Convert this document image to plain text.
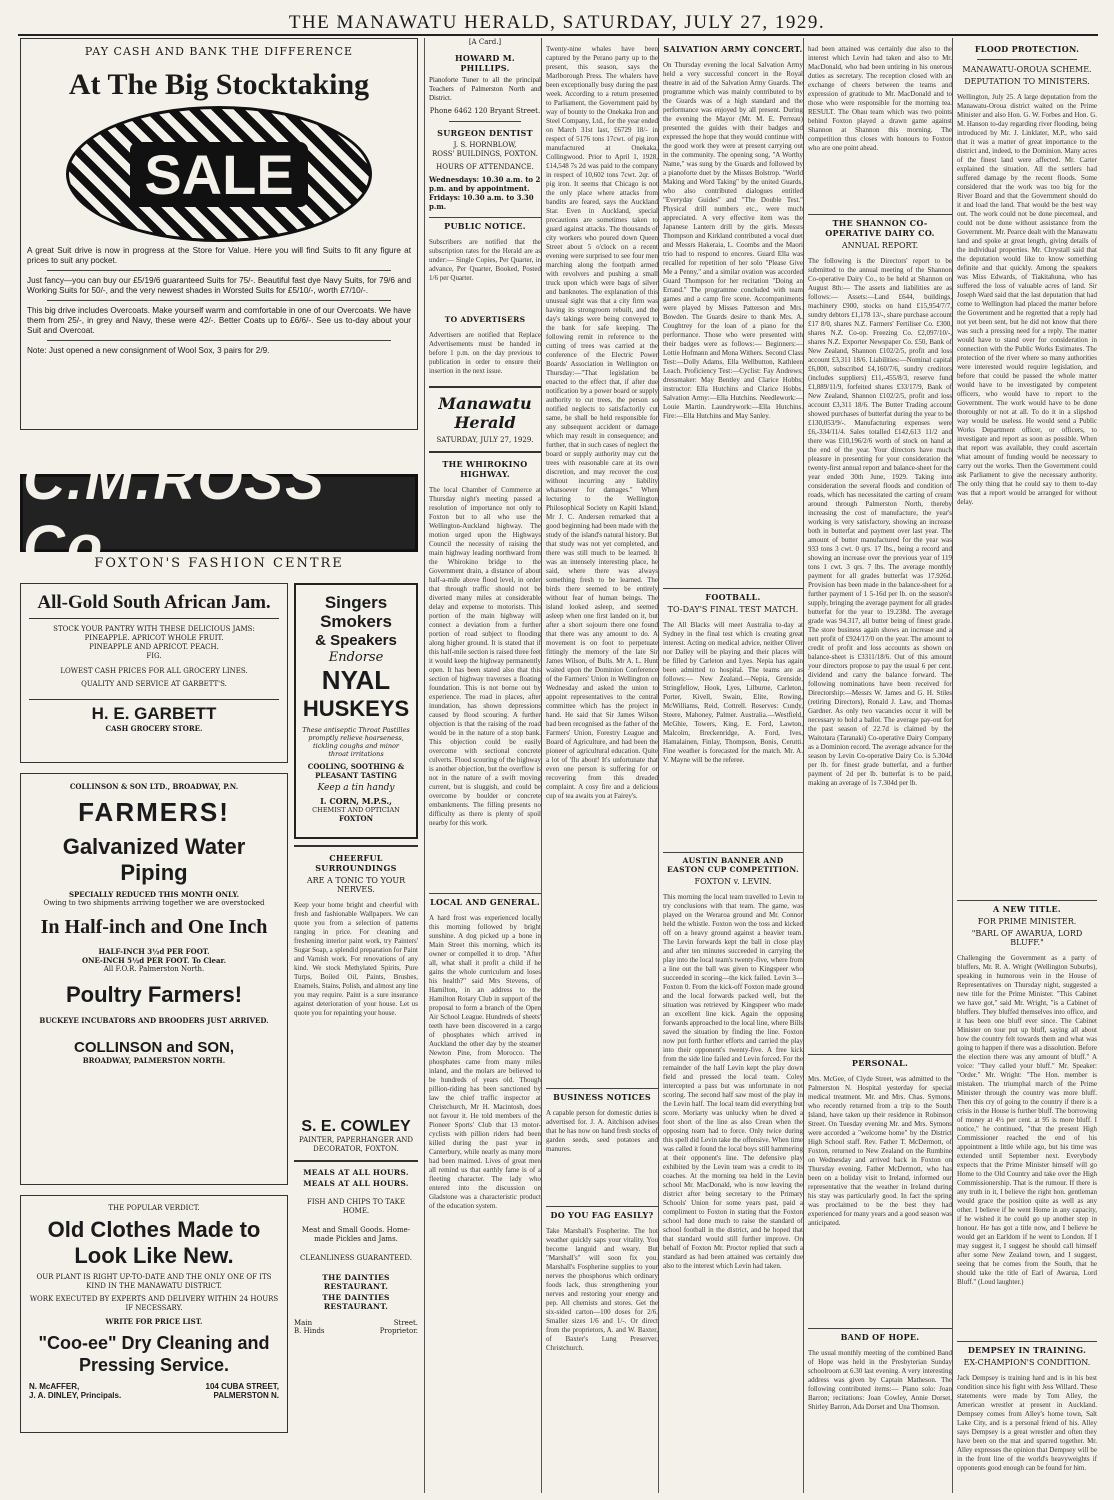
THE MANAWATU HERALD, SATURDAY, JULY 27, 1929.
PAY CASH AND BANK THE DIFFERENCE
At The Big Stocktaking
SALE

A great Suit drive is now in progress at the Store for Value. Here you will find Suits to fit any figure at prices to suit any pocket.

Just fancy—you can buy our £5/19/6 guaranteed Suits for 75/-. Beautiful fast dye Navy Suits, for 79/6 and Working Suits for 50/-, and the very newest shades in Worsted Suits for £5/10/-, worth £7/10/-.

This big drive includes Overcoats. Make yourself warm and comfortable in one of our Overcoats. We have them from 25/-, in grey and Navy, these were 42/-. Better Coats up to £6/6/-. See us to-day about your Suit and Overcoat.

Note: Just opened a new consignment of Wool Sox, 3 pairs for 2/9.

C.M.ROSS Co
FOXTON'S FASHION CENTRE
All-Gold South African Jam.
STOCK YOUR PANTRY WITH THESE DELICIOUS JAMS:
PINEAPPLE. APRICOT WHOLE FRUIT.
PINEAPPLE AND APRICOT. PEACH.
FIG.
LOWEST CASH PRICES FOR ALL GROCERY LINES.
QUALITY AND SERVICE AT GARBETT'S.
H. E. GARBETT
CASH GROCERY STORE.
COLLINSON & SON LTD., BROADWAY, P.N.
FARMERS!
Galvanized Water Piping
SPECIALLY REDUCED THIS MONTH ONLY.
Owing to two shipments arriving together we are overstocked
In Half-inch and One Inch
HALF-INCH 3½d PER FOOT.
ONE-INCH 5½d PER FOOT. To Clear.
All F.O.R. Palmerston North.
Poultry Farmers!
BUCKEYE INCUBATORS AND BROODERS JUST ARRIVED.
COLLINSON and SON,
BROADWAY, PALMERSTON NORTH.
THE POPULAR VERDICT.
Old Clothes Made to Look Like New.
OUR PLANT IS RIGHT UP-TO-DATE AND THE ONLY ONE OF ITS KIND IN THE MANAWATU DISTRICT.
WORK EXECUTED BY EXPERTS AND DELIVERY WITHIN 24 HOURS IF NECESSARY.
WRITE FOR PRICE LIST.
"Coo-ee" Dry Cleaning and Pressing Service.
N. McAFFER,
J. A. DINLEY, Principals.
104 CUBA STREET,
PALMERSTON N.
Singers
Smokers
& Speakers
Endorse
NYAL
HUSKEYS
These antiseptic Throat Pastilles promptly relieve hoarseness, tickling coughs and minor throat irritations
COOLING, SOOTHING & PLEASANT TASTING
Keep a tin handy
I. CORN, M.P.S.,
CHEMIST AND OPTICIAN
FOXTON
CHEERFUL SURROUNDINGS
ARE A TONIC TO YOUR NERVES.

Keep your home bright and cheerful with fresh and fashionable Wallpapers. We can quote you from a selection of patterns ranging in price. For cleaning and freshening interior paint work, try Painters' Sugar Soap, a splendid preparation for Paint and Varnish work. For renovations of any kind. We stock Methylated Spirits, Pure Turps, Boiled Oil, Paints, Brushes, Enamels, Stains, Polish, and almost any line you may require. Paint is a sure insurance against deterioration of your house. Let us quote you for repainting your house.

S. E. COWLEY
PAINTER, PAPERHANGER AND DECORATOR, FOXTON.
MEALS AT ALL HOURS.
MEALS AT ALL HOURS.
FISH AND CHIPS TO TAKE HOME.
Meat and Small Goods. Home-made Pickles and Jams.
CLEANLINESS GUARANTEED.
THE DAINTIES RESTAURANT.
THE DAINTIES RESTAURANT.
Main
B. Hinds
Street.
Proprietor.
[A Card.]
HOWARD M. PHILLIPS.

Pianoforte Tuner to all the principal Teachers of Palmerston North and District.

Phone 6462 120 Bryant Street.
SURGEON DENTIST
J. S. HORNBLOW,
ROSS' BUILDINGS, FOXTON.
HOURS OF ATTENDANCE.
Wednesdays: 10.30 a.m. to 2 p.m. and by appointment.
Fridays: 10.30 a.m. to 3.30 p.m.
PUBLIC NOTICE.

Subscribers are notified that the subscription rates for the Herald are as under:— Single Copies, Per Quarter, in advance, Per Quarter, Booked, Posted 1/6 per Quarter.

TO ADVERTISERS

Advertisers are notified that Replace Advertisements must be handed in before 1 p.m. on the day previous to publication in order to ensure their insertion in the next issue.

Manawatu Herald
SATURDAY, JULY 27, 1929.
THE WHIROKINO HIGHWAY.

The local Chamber of Commerce at Thursday night's meeting passed a resolution of importance not only to Foxton but to all who use the Wellington-Auckland highway. The motion urged upon the Highways Council the necessity of raising the main highway leading northward from the Whirokino bridge to the Government drain, a distance of about half-a-mile above flood level, in order that through traffic should not be diverted many miles at considerable delay and expense to motorists. This portion of the main highway will connect a deviation from a further portion of road subject to flooding along higher ground. It is stated that if this half-mile section is raised three feet it would keep the highway permanently open. It has been stated also that this section of highway traverses a floating foundation. This is not borne out by experience. The road in places, after inundation, has shown depressions caused by flood scouring. A further objection is that the raising of the road would be in the nature of a stop bank. This objection could be easily overcome with sectional concrete culverts. Flood scouring of the highway is another objection, but the overflow is not in the nature of a swift moving current, but is sluggish, and could be overcome by boulder or concrete embankments. The filling presents no difficulty as there is plenty of spoil nearby for this work.

LOCAL AND GENERAL.

A hard frost was experienced locally this morning followed by bright sunshine. A dog picked up a bone in Main Street this morning, which its owner or compelled it to drop. "After all, what shall it profit a child if he gains the whole curriculum and loses his health?" said Mrs Stevens, of Hamilton, in an address to the Hamilton Rotary Club in support of the proposal to form a branch of the Open Air School League. Hundreds of sheets' teeth have been discovered in a cargo of phosphates which arrived in Auckland the other day by the steamer Newton Pine, from Morocco. The phosphates came from many miles inland, and the molars are believed to be hundreds of years old. Though pillion-riding has been sanctioned by law the chief traffic inspector at Christchurch, Mr H. Macintosh, does not favour it. He told members of the Pioneer Sports' Club that 13 motor-cyclists with pillion riders had been killed during the past year in Canterbury, while nearly as many more had been maimed. Lives of great men all remind us that earthly fame is of a fleeting character. The lady who entered into the discussion on Gladstone was a characteristic product of the education system.

Twenty-nine whales have been captured by the Perano party up to the present, this season, says the Marlborough Press. The whalers have been exceptionally busy during the past week. According to a return presented to Parliament, the Government paid by way of bounty to the Onekaka Iron and Steel Company, Ltd., for the year ended on March 31st last, £6729 18/- in respect of 5176 tons 17cwt. of pig iron manufactured at Onekaka, Collingwood. Prior to April 1, 1928, £14,548 7s 2d was paid to the company in respect of 10,602 tons 7cwt. 2qr. of pig iron. It seems that Chicago is not the only place where attacks from bandits are feared, says the Auckland Star. Even in Auckland, special precautions are sometimes taken to guard against attacks. The thousands of city workers who poured down Queen Street about 5 o'clock on a recent evening were surprised to see four men marching along the footpath armed with revolvers and pushing a small truck upon which were bags of silver and banknotes. The explanation of this unusual sight was that a city firm was having its strongroom rebuilt, and the day's takings were being conveyed to the bank for safe keeping. The following remit in reference to the cutting of trees was carried at the conference of the Electric Power Boards' Association in Wellington on Thursday:—"That legislation be enacted to the effect that, if after due notification by a power board or supply authority to cut trees, the person so notified neglects to satisfactorily cut same, he shall be held responsible for any subsequent accident or damage which may result in consequence; and further, that in such cases of neglect the board or supply authority may cut the trees with reasonable care at its own discretion, and may recover the cost without incurring any liability whatsoever for damages." When lecturing to the Wellington Philosophical Society on Kapiti Island, Mr J. C. Andersen remarked that a good beginning had been made with the study of the island's natural history. But that study was not yet completed, and there was still much to be learned. It was an intensely interesting place, he said, where there was always something fresh to be learned. The birds there seemed to be entirely without fear of human beings. The island looked asleep, and seemed asleep when one first landed on it, but after a short sojourn there one found that there was any amount to do. A movement is on foot to perpetuate fittingly the memory of the late Sir James Wilson, of Bulls. Mr A. L. Hunt waited upon the Dominion Conference of the Farmers' Union in Wellington on Wednesday and asked the union to appoint representatives to the central committee which has the project in hand. He said that Sir James Wilson had been recognised as the father of the Farmers' Union, Forestry League and Board of Agriculture, and had been the pioneer of agricultural education. Quite a lot of 'flu about! It's unfortunate that even one person is suffering for or recovering from this dreaded complaint. A cosy fire and a delicious cup of tea awaits you at Fairey's.

BUSINESS NOTICES

A capable person for domestic duties is advertised for. J. A. Aitchison advises that he has now on hand fresh stocks of garden seeds, seed potatoes and manures.

DO YOU FAG EASILY?

Take Marshall's Fospherine. The hot weather quickly saps your vitality. You become languid and weary. But "Marshall's" will soon fix you. Marshall's Fospherine supplies to your nerves the phosphorus which ordinary foods lack, thus strengthening your nerves and restoring your energy and pep. All chemists and stores. Get the six-sided carton—100 doses for 2/6. Smaller sizes 1/6 and 1/-. Or direct from the proprietors, A. and W. Baxter, of Baxter's Lung Preserver, Christchurch.

SALVATION ARMY CONCERT.

On Thursday evening the local Salvation Army held a very successful concert in the Royal theatre in aid of the Salvation Army Guards. The programme which was mainly contributed to by the Guards was of a high standard and the performance was enjoyed by all present. During the evening the Mayor (Mr. M. E. Perreau) presented the guides with their badges and expressed the hope that they would continue with the good work they were at present carrying out in the community. The opening song, "A Worthy Name," was sung by the Guards and followed by a pianoforte duet by the Misses Bolstrop. "World Making and Word Taking" by the united Guards, who also contributed dialogues entitled "Everyday Guides" and "The Double Test." Physical drill numbers etc., were much appreciated. A very effective item was the Japanese Lantern drill by the girls. Messrs Thompson and Kirkland contributed a vocal duet and Messrs Hakeraia, L. Coombs and the Maori trio had to respond to encores. Guard Ella was recalled for repetition of her solo "Please Give Me a Penny," and a similar ovation was accorded Guard Thompson for her recitation "Doing an Errand." The programme concluded with team games and a camp fire scene. Accompaniments were played by Misses Patterson and Mrs. Bowden. The Guards desire to thank Mrs. A. Coughtrey for the loan of a piano for the performance. Those who were presented with their badges were as follows:— Beginners:—Lottie Hofmann and Mona Withers. Second Class Test:—Dolly Adams, Ella Wellbutton, Kathleen Leach. Proficiency Test:—Cyclist: Fay Andrews; dressmaker: May Bentley and Clarice Hobbs; instructor: Ella Hutchins and Clarice Hobbs. Salvation Army:—Ella Hutchins. Needlework:—Louie Martin. Laundrywork:—Ella Hutchins. Fire:—Ella Hutchins and May Sanley.

FOOTBALL.
TO-DAY'S FINAL TEST MATCH.

The All Blacks will meet Australia to-day at Sydney in the final test which is creating great interest. Acting on medical advice, neither Oliver nor Dalley will be playing and their places will be filled by Carleton and Lyes. Nepia has again been admitted to hospital. The teams are as follows:— New Zealand.—Nepia, Grenside, Stringfellow, Hook, Lyes, Lilburne, Carleton, Porter, Kivell, Swain, Elite, Rowing, McWilliams, Reid, Cottrell. Reserves: Cundy, Steere, Mahoney, Palmer. Australia.—Westfield, McGhie, Towers, King, E. Ford, Lawton, Malcolm, Breckenridge, A. Ford, Ives, Hamalainen, Finlay, Thompson, Bonis, Cerutti. Fine weather is forecasted for the match. Mr. A. V. Mayne will be the referee.

AUSTIN BANNER AND EASTON CUP COMPETITION.
FOXTON v. LEVIN.

This morning the local team travelled to Levin to try conclusions with that team. The game, was played on the Weraroa ground and Mr. Connor held the whistle. Foxton won the toss and kicked off on a heavy ground against a heavier team. The Levin forwards kept the ball in close play and after ten minutes succeeded in carrying the play into the local team's twenty-five, where from a line out the ball was given to Kingspeer who succeeded in scoring—the kick failed. Levin 3—Foxton 0. From the kick-off Foxton made ground and the local forwards packed well, but the situation was retrieved by Kingspeer who made an excellent line kick. Again the opposing forwards approached to the local line, where Bills saved the situation by finding the line. Foxton now put forth further efforts and carried the play into their opponent's twenty-five. A free kick from the side line failed and Levin forced. For the remainder of the half Levin kept the play down field and pressed the local team. Coley intercepted a pass but was unfortunate in not scoring. The second half saw most of the play in the Levin half. The local team did everything but score. Moriarty was unlucky when he dived a foot short of the line as also Crean when the opposing team had to force. Only twice during this spell did Levin take the offensive. When time was called it found the local boys still hammering at their opponent's line. The defensive play exhibited by the Levin team was a credit to its coaches. At the morning tea held in the Levin school Mr. MacDonald, who is now leaving the district after being secretary to the Primary Schools' Union for some years past, paid a compliment to Foxton in stating that the Foxton school had done much to raise the standard of school football in the district, and he hoped that that standard would still further improve. On behalf of Foxton Mr. Proctor replied that such a standard as had been attained was certainly due also to the interest which Levin had taken.

had been attained was certainly due also to the interest which Levin had taken and also to Mr. MacDonald, who had been untiring in his onerous duties as secretary. The reception closed with an exchange of cheers between the teams and expression of gratitude to Mr. MacDonald and to those who were responsible for the morning tea. RESULT. The Ohau team which was two points behind Foxton played a drawn game against Shannon at Shannon this morning. The competition thus closes with honours to Foxton who are one point ahead.

THE SHANNON CO-OPERATIVE DAIRY CO.
ANNUAL REPORT.

The following is the Directors' report to be submitted to the annual meeting of the Shannon Co-operative Dairy Co., to be held at Shannon on August 8th:— The assets and liabilities are as follows:— Assets:—Land £644, buildings, machinery £900, stocks on hand £15,954/7/7, sundry debtors £1,178 13/-, share purchase account £17 8/0, shares N.Z. Farmers' Fertiliser Co. £300, shares N.Z. Co-op. Freezing Co. £2,097/10/-, shares N.Z. Exporter Newspaper Co. £50, Bank of New Zealand, Shannon £102/2/5, profit and loss account £3,311 18/6. Liabilities:—Nominal capital £6,000, subscribed £4,160/7/6, sundry creditors (includes suppliers) £11,-455/8/3, reserve fund £1,889/11/9, forfeited shares £33/17/9, Bank of New Zealand, Shannon £102/2/5, profit and loss account £3,311 18/6. The Butter Trading account showed purchases of butterfat during the year to be £130,053/9/-. Manufacturing expenses were £6,-334/11/4. Sales totalled £142,613 11/2 and there was £10,196/2/6 worth of stock on hand at the end of the year. Your directors have much pleasure in presenting for your consideration the twenty-first annual report and balance-sheet for the year ended 30th June, 1929. Taking into consideration the several floods and condition of roads, which has necessitated the carting of cream around through Palmerston North, thereby increasing the cost of manufacture, the year's working is very satisfactory, showing an increase both in butterfat and payment over last year. The amount of butter manufactured for the year was 933 tons 3 cwt. 0 qrs. 17 lbs., being a record and showing an increase over the previous year of 119 tons 1 cwt. 3 qrs. 7 lbs. The average monthly payment for all grades butterfat was 17.926d. Provision has been made in the balance-sheet for a further payment of 1 5-16d per lb. on the season's supply, bringing the average payment for all grades butterfat for the year to 19.238d. The average grade was 94.317, all butter being of finest grade. The store business again shows an increase and a nett profit of £924/17/0 on the year. The amount to credit of profit and loss accounts as shown on balance-sheet is £3311/18/6. Out of this amount your directors propose to pay the usual 6 per cent. dividend and carry the balance forward. The following nominations have been received for Directorship:—Messrs W. James and G. H. Stiles (retiring Directors), Ronald J. Law, and Thomas Gardner. As only two vacancies occur it will be necessary to hold a ballot. The average pay-out for the past season of 22.7d is claimed by the Waitotara (Taranaki) Co-operative Dairy Company as a Dominion record. The average advance for the season by Levin Co-operative Dairy Co. is 5.304d per lb. for finest grade butterfat, and a further payment of 2d per lb. butterfat is to be paid, making an average of 1s 7.304d per lb.

PERSONAL.

Mrs. McGee, of Clyde Street, was admitted to the Palmerston N. Hospital yesterday for special medical treatment. Mr. and Mrs. Chas. Symons, who recently returned from a trip to the South Island, have taken up their residence in Robinson Street. On Tuesday evening Mr. and Mrs. Symons were accorded a "welcome home" by the District High School staff. Rev. Father T. McDermott, of Foxton, returned to New Zealand on the Rumbine on Wednesday and arrived back in Foxton on Thursday evening. Father McDermott, who has been on a holiday visit to Ireland, informed our representative that the weather in Ireland during his stay was particularly good. In fact the spring was proclaimed to be the best they had experienced for many years and a good season was anticipated.

BAND OF HOPE.

The usual monthly meeting of the combined Band of Hope was held in the Presbyterian Sunday schoolroom at 6.30 last evening. A very interesting address was given by Captain Matheson. The following contributed items:— Piano solo: Joan Barron; recitations: Joan Cowley, Annie Dorset, Shirley Barron, Ada Dorset and Una Thomson.

FLOOD PROTECTION.
MANAWATU-OROUA SCHEME.
DEPUTATION TO MINISTERS.

Wellington, July 25. A large deputation from the Manawatu-Oroua district waited on the Prime Minister and also Hon. G. W. Forbes and Hon. G. M. Hanson to-day regarding river flooding, being introduced by Mr. J. Linklater, M.P., who said that it was a matter of great importance to the district and, indeed, to the Dominion. Many acres of the finest land were affected. Mr. Carter explained the situation. All the settlers had suffered damage by the recent floods. Some considered that the work was too big for the River Board and that the Government should do it and load the land. That would be the best way out. The work could not be done piecemeal, and could not be done without assistance from the Government. Mr. Pearce dealt with the Manawatu land and spoke at great length, giving details of the individual properties. Mr. Chrystall said that the deputation would like to know something definite and that quickly. Among the speakers was Miss Edwards, of Tiakitahuna, who has suffered the loss of valuable acres of land. Sir Joseph Ward said that the last deputation that had come to Wellington had placed the matter before the Government and he regretted that a reply had not yet been sent, but he did not know that there was such a pressing need for a reply. The matter would have to stand over for consideration in connection with the Public Works Estimates. The protection of the river where so many authorities were interested would require legislation, and before that could be passed the whole matter would have to be investigated by competent officers, who would have to report to the Government. The work would have to be done thoroughly or not at all. To do it in a slipshod way would be useless. He would send a Public Works Department officer, or officers, to investigate and report as soon as possible. When that report was available, they could ascertain what amount of funding would be necessary to carry out the works. Then the Government could ask Parliament to give the necessary authority. The only thing that he could say to them to-day was that a report would be arranged for without delay.

A NEW TITLE.
FOR PRIME MINISTER.
"BARL OF AWARUA, LORD BLUFF."

Challenging the Government as a party of bluffers, Mr. R. A. Wright (Wellington Suburbs), speaking in humorous vein in the House of Representatives on Thursday night, suggested a new title for the Prime Minister. "This Cabinet we have got," said Mr. Wright, "is a Cabinet of bluffers. They bluffed themselves into office, and it has been one bluff ever since. The Cabinet Minister on tour put up bluff, saying all about how the country felt towards them and what was going to happen if there was a dissolution. Before the election there was any amount of bluff." A voice: "They called your bluff." Mr. Speaker: "Order." Mr. Wright: "The Hon. member is mistaken. The triumphal march of the Prime Minister through the country was more bluff. Then this cry of going to the country if there is a crisis in the House is further bluff. The borrowing of money at 4½ per cent. at 95 is more bluff. I notice," he continued, "that the present High Commissioner reached the end of his appointment a little while ago, but his time was extended until September next. Everybody expects that the Prime Minister himself will go Home to the Old Country and take over the High Commissionership. That is the rumour. If there is any truth in it, I believe the right hon. gentleman would grace the position quite as well as any other. I believe if he went Home in any capacity, if he wished it he could go up another step in honour. He has got a title now, and I believe he would get an Earldom if he went to London. If I may suggest it, I suggest he should call himself after some New Zealand town, and I suggest, seeing that he comes from the South, that he should take the title of Earl of Awarua, Lord Bluff." (Loud laughter.)

DEMPSEY IN TRAINING.
EX-CHAMPION'S CONDITION.

Jack Dempsey is training hard and is in his best condition since his fight with Jess Willard. These statements were made by Tom Alley, the American wrestler at present in Auckland. Dempsey comes from Alley's home town, Salt Lake City, and is a personal friend of his. Alley says Dempsey is a great wrestler and often they have been on the mat and sparred together. Mr. Alley expresses the opinion that Dempsey will be in the front line of the world's heavyweights if opponents good enough can be found for him.
